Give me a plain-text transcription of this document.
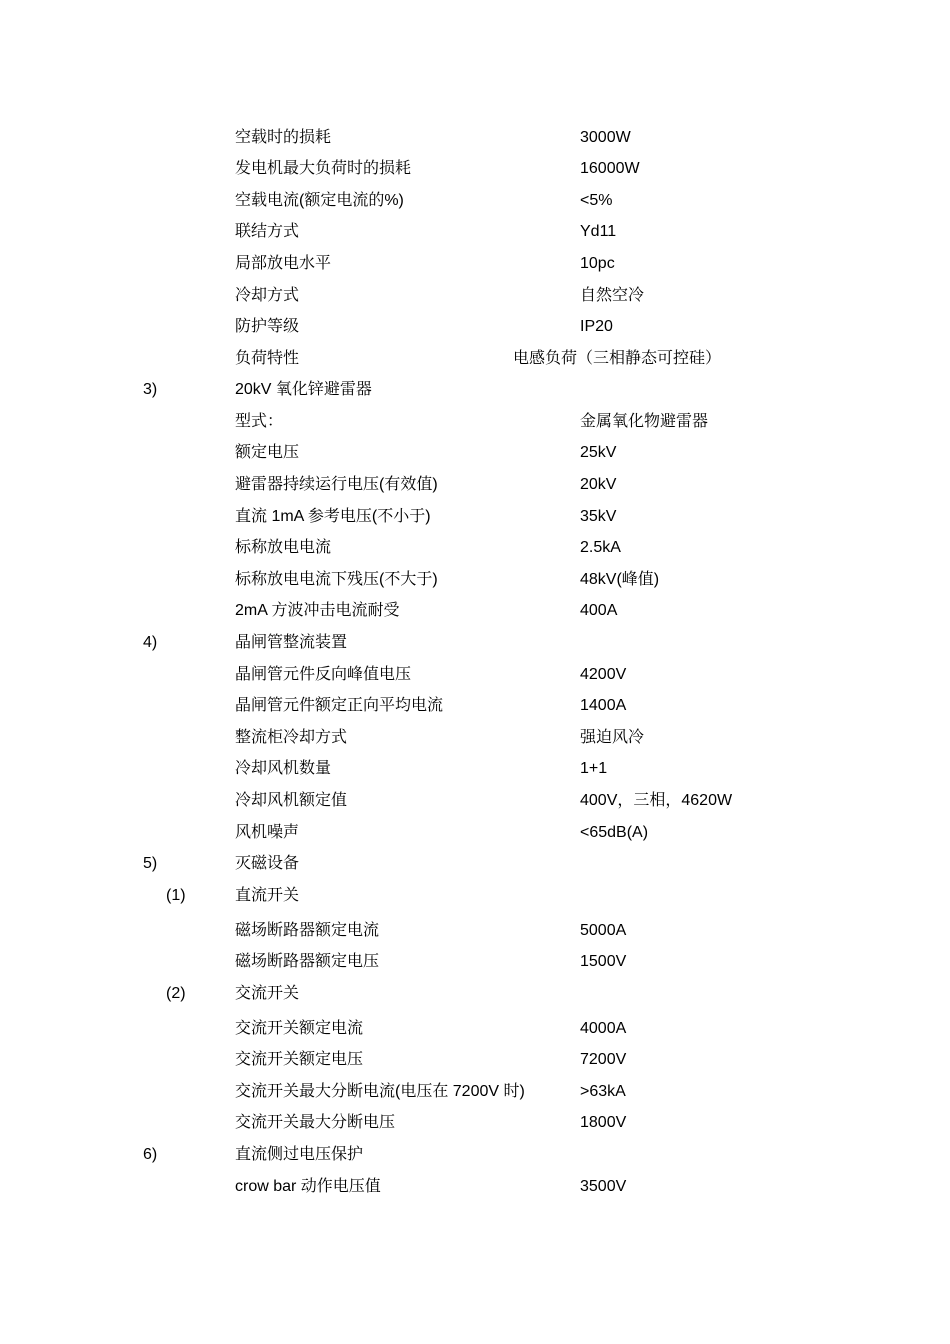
空载时的损耗	3000W
发电机最大负荷时的损耗	16000W
空载电流(额定电流的%)	<5%
联结方式	Yd11
局部放电水平	10pc
冷却方式	自然空冷
防护等级	IP20
负荷特性	电感负荷（三相静态可控硅）
3)	20kV 氧化锌避雷器
型式：	金属氧化物避雷器
额定电压	25kV
避雷器持续运行电压(有效值)	20kV
直流 1mA 参考电压(不小于)	35kV
标称放电电流	2.5kA
标称放电电流下残压(不大于)	48kV(峰值)
2mA 方波冲击电流耐受	400A
4)	晶闸管整流装置
晶闸管元件反向峰值电压	4200V
晶闸管元件额定正向平均电流	1400A
整流柜冷却方式	强迫风冷
冷却风机数量	1+1
冷却风机额定值	400V，三相，4620W
风机噪声	<65dB(A)
5)	灭磁设备
(1)	直流开关
磁场断路器额定电流	5000A
磁场断路器额定电压	1500V
(2)	交流开关
交流开关额定电流	4000A
交流开关额定电压	7200V
交流开关最大分断电流(电压在 7200V 时)	>63kA
交流开关最大分断电压	1800V
6)	直流侧过电压保护
crow bar 动作电压值	3500V
